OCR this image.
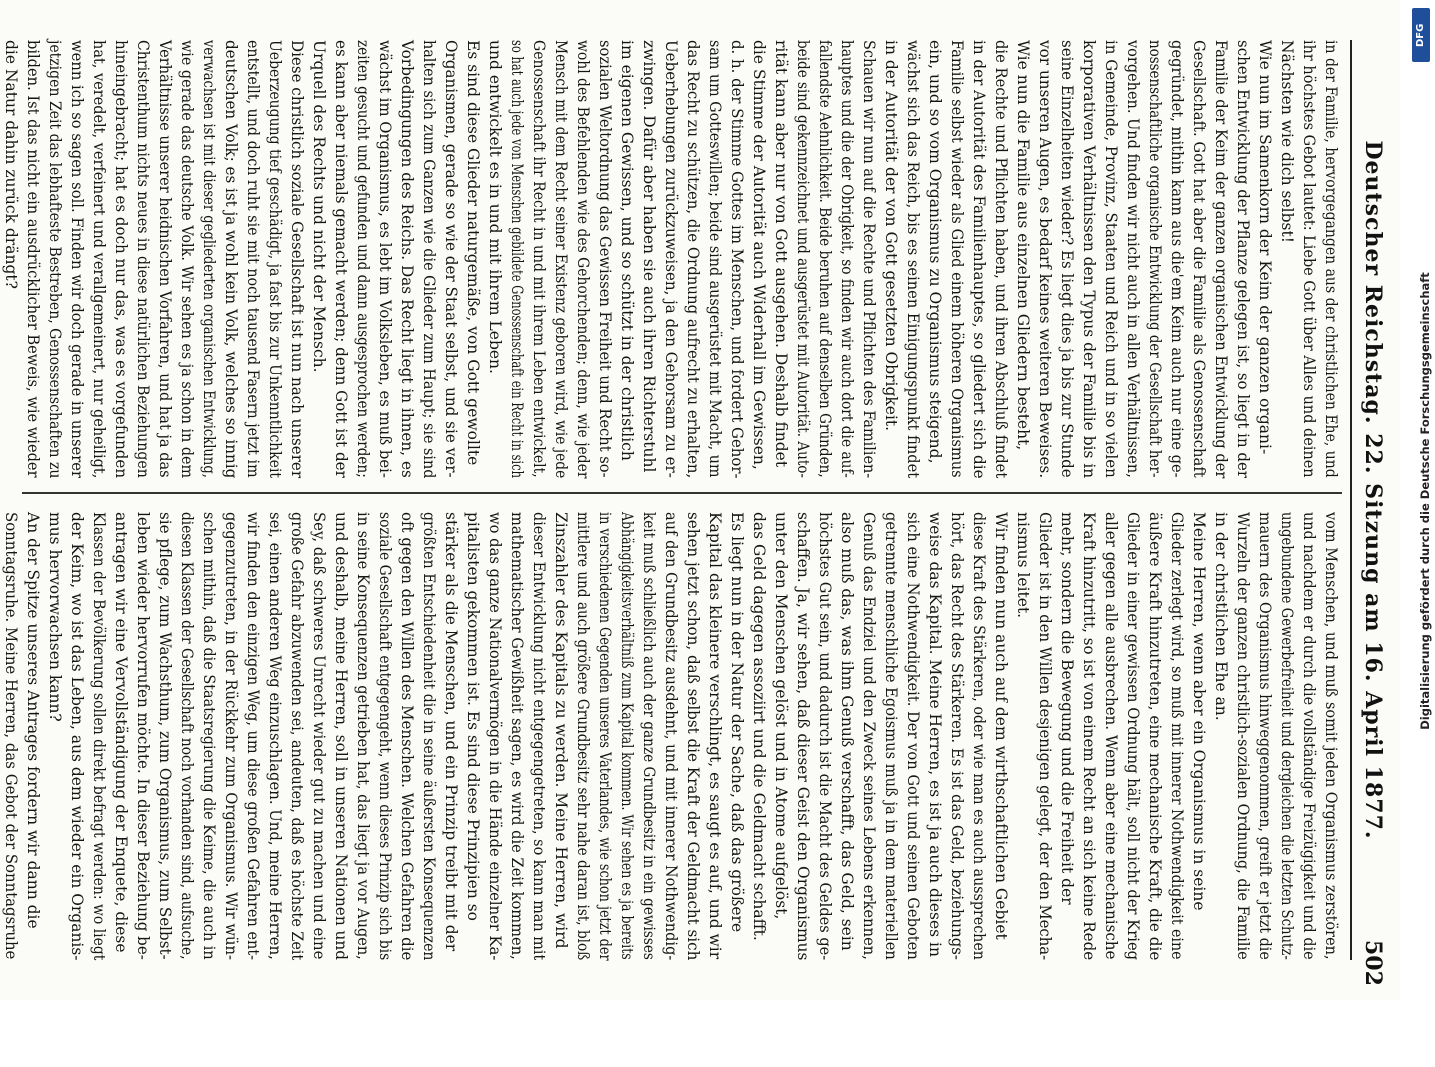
Deutscher Reichstag. 22. Sitzung am 16. April 1877.
502
in der Familie, hervorgegangen aus der christlichen Ehe, und
ihr höchstes Gebot lautet: Liebe Gott über Alles und deinen
Nächsten wie dich selbst!
Wie nun im Samenkorn der Keim der ganzen organi-
schen Entwicklung der Pflanze gelegen ist, so liegt in der
Familie der Keim der ganzen organischen Entwicklung der
Gesellschaft. Gott hat aber die Familie als Genossenschaft
gegründet, mithin kann aus die'em Keim auch nur eine ge-
nossenschaftliche organische Entwicklung der Gesellschaft her-
vorgehen. Und finden wir nicht auch in allen Verhältnissen,
in Gemeinde, Provinz, Staaten und Reich und in so vielen
korporativen Verhältnissen den Typus der Familie bis in
seine Einzelheiten wieder? Es liegt dies ja bis zur Stunde
vor unseren Augen, es bedarf keines weiteren Beweises.
Wie nun die Familie aus einzelnen Gliedern besteht,
die Rechte und Pflichten haben, und ihren Abschluß findet
in der Autorität des Familienhauptes, so gliedert sich die
Familie selbst wieder als Glied einem höheren Organismus
ein, und so vom Organismus zu Organismus steigend,
wächst sich das Reich, bis es seinen Einigungspunkt findet
in der Autorität der von Gott gesetzten Obrigkeit.
Schauen wir nun auf die Rechte und Pflichten des Familien-
hauptes und die der Obrigkeit, so finden wir auch dort die auf-
fallendste Aehnlichkeit. Beide beruhen auf denselben Gründen,
beide sind gekennzeichnet und ausgerüstet mit Autorität. Auto-
rität kann aber nur von Gott ausgehen. Deshalb findet
die Stimme der Autorität auch Widerhall im Gewissen,
d. h. der Stimme Gottes im Menschen, und fordert Gehor-
sam um Gotteswillen; beide sind ausgerüstet mit Macht, um
das Recht zu schützen, die Ordnung aufrecht zu erhalten,
Ueberhebungen zurückzuweisen, ja den Gehorsam zu er-
zwingen. Dafür aber haben sie auch ihren Richterstuhl
im eigenen Gewissen, und so schützt in der christlich
sozialen Weltordnung das Gewissen Freiheit und Recht so-
wohl des Befehlenden wie des Gehorchenden; denn, wie jeder
Mensch mit dem Recht seiner Existenz geboren wird, wie jede
Genossenschaft ihr Recht in und mit ihrem Leben entwickelt,
so hat auch jede von Menschen gebildete Genossenschaft ein Recht in sich
und entwickelt es in und mit ihrem Leben.
Es sind diese Glieder naturgemäße, von Gott gewollte
Organismen, gerade so wie der Staat selbst, und sie ver-
halten sich zum Ganzen wie die Glieder zum Haupt; sie sind
Vorbedingungen des Reichs. Das Recht liegt in ihnen, es
wächst im Organismus, es lebt im Volksleben, es muß bei-
zeiten gesucht und gefunden und dann ausgesprochen werden;
es kann aber niemals gemacht werden; denn Gott ist der
Urquell des Rechts und nicht der Mensch.
Diese christlich soziale Gesellschaft ist nun nach unserer
Ueberzeugung tief geschädigt, ja fast bis zur Unkenntlichkeit
entstellt, und doch ruht sie mit noch tausend Fasern jetzt im
deutschen Volk; es ist ja wohl kein Volk, welches so innig
verwachsen ist mit dieser gegliederten organischen Entwicklung,
wie gerade das deutsche Volk. Wir sehen es ja schon in dem
Verhältnisse unserer heidnischen Vorfahren, und hat ja das
Christenthum nichts neues in diese natürlichen Beziehungen
hineingebracht; hat es doch nur das, was es vorgefunden
hat, veredelt, verfeinert und verallgemeinert, nur geheiligt,
wenn ich so sagen soll. Finden wir doch gerade in unserer
jetzigen Zeit das lebhafteste Bestreben, Genossenschaften zu
bilden. Ist das nicht ein ausdrücklicher Beweis, wie wieder
die Natur dahin zurück drängt?
vom Menschen, und muß somit jeden Organismus zerstören,
und nachdem er durch die vollständige Freizügigkeit und die
ungebundene Gewerbefreiheit und dergleichen die letzten Schutz-
mauern des Organismus hinweggenommen, greift er jetzt die
Wurzeln der ganzen christlich-sozialen Ordnung, die Familie
in der christlichen Ehe an.
Meine Herren, wenn aber ein Organismus in seine
Glieder zerlegt wird, so muß mit innerer Nothwendigkeit eine
äußere Kraft hinzutreten, eine mechanische Kraft, die die
Glieder in einer gewissen Ordnung hält, soll nicht der Krieg
aller gegen alle ausbrechen. Wenn aber eine mechanische
Kraft hinzutritt, so ist von einem Recht an sich keine Rede
mehr, sondern die Bewegung und die Freiheit der
Glieder ist in den Willen desjenigen gelegt, der den Mecha-
nismus leitet.
Wir finden nun auch auf dem wirthschaftlichen Gebiet
diese Kraft des Stärkeren, oder wie man es auch aussprechen
hört, das Recht des Stärkeren. Es ist das Geld, beziehungs-
weise das Kapital. Meine Herren, es ist ja auch dieses in
sich eine Nothwendigkeit. Der von Gott und seinen Geboten
getrennte menschliche Egoismus muß ja in dem materiellen
Genuß das Endziel und den Zweck seines Lebens erkennen,
also muß das, was ihm Genuß verschafft, das Geld, sein
höchstes Gut sein, und dadurch ist die Macht des Geldes ge-
schaffen. Ja, wir sehen, daß dieser Geist den Organismus
unter den Menschen gelöst und in Atome aufgelöst,
das Geld dagegen assoziirt und die Geldmacht schafft.
Es liegt nun in der Natur der Sache, daß das größere
Kapital das kleinere verschlingt, es saugt es auf, und wir
sehen jetzt schon, daß selbst die Kraft der Geldmacht sich
auf den Grundbesitz ausdehnt, und mit innerer Nothwendig-
keit muß schließlich auch der ganze Grundbesitz in ein gewisses
Abhängigkeitsverhältniß zum Kapital kommen. Wir sehen es ja bereits
in verschiedenen Gegenden unseres Vaterlandes, wie schon jetzt der
mittlere und auch größere Grundbesitz sehr nahe daran ist, bloß
Zinszahler des Kapitals zu werden. Meine Herren, wird
dieser Entwicklung nicht entgegengetreten, so kann man mit
mathematischer Gewißheit sagen, es wird die Zeit kommen,
wo das ganze Nationalvermögen in die Hände einzelner Ka-
pitalisten gekommen ist. Es sind diese Prinzipien so
stärker als die Menschen, und ein Prinzip treibt mit der
größten Entschiedenheit die in seine äußersten Konsequenzen
oft gegen den Willen des Menschen. Welchen Gefahren die
soziale Gesellschaft entgegengeht, wenn dieses Prinzip sich bis
in seine Konsequenzen getrieben hat, das liegt ja vor Augen,
und deshalb, meine Herren, soll in unseren Nationen und
Sey, daß schweres Unrecht wieder gut zu machen und eine
große Gefahr abzuwenden sei, andeuten, daß es höchste Zeit
sei, einen anderen Weg einzuschlagen. Und, meine Herren,
wir finden den einzigen Weg, um diese großen Gefahren ent-
gegenzutreten, in der Rückkehr zum Organismus. Wir wün-
schen mithin, daß die Staatsregierung die Keime, die auch in
diesen Klassen der Gesellschaft noch vorhanden sind, aufsuche,
sie pflege, zum Wachsthum, zum Organismus, zum Selbst-
leben wieder hervorrufen möchte. In dieser Beziehung be-
antragen wir eine Vervollständigung der Enquete, diese
Klassen der Bevölkerung sollen direkt befragt werden: wo liegt
der Keim, wo ist das Leben, aus dem wieder ein Organis-
mus hervorwachsen kann?
An der Spitze unseres Antrages fordern wir dann die
Sonntagsruhe. Meine Herren, das Gebot der Sonntagsruhe
DFG
Digitalisierung gefördert durch die Deutsche Forschungsgemeinschaft
